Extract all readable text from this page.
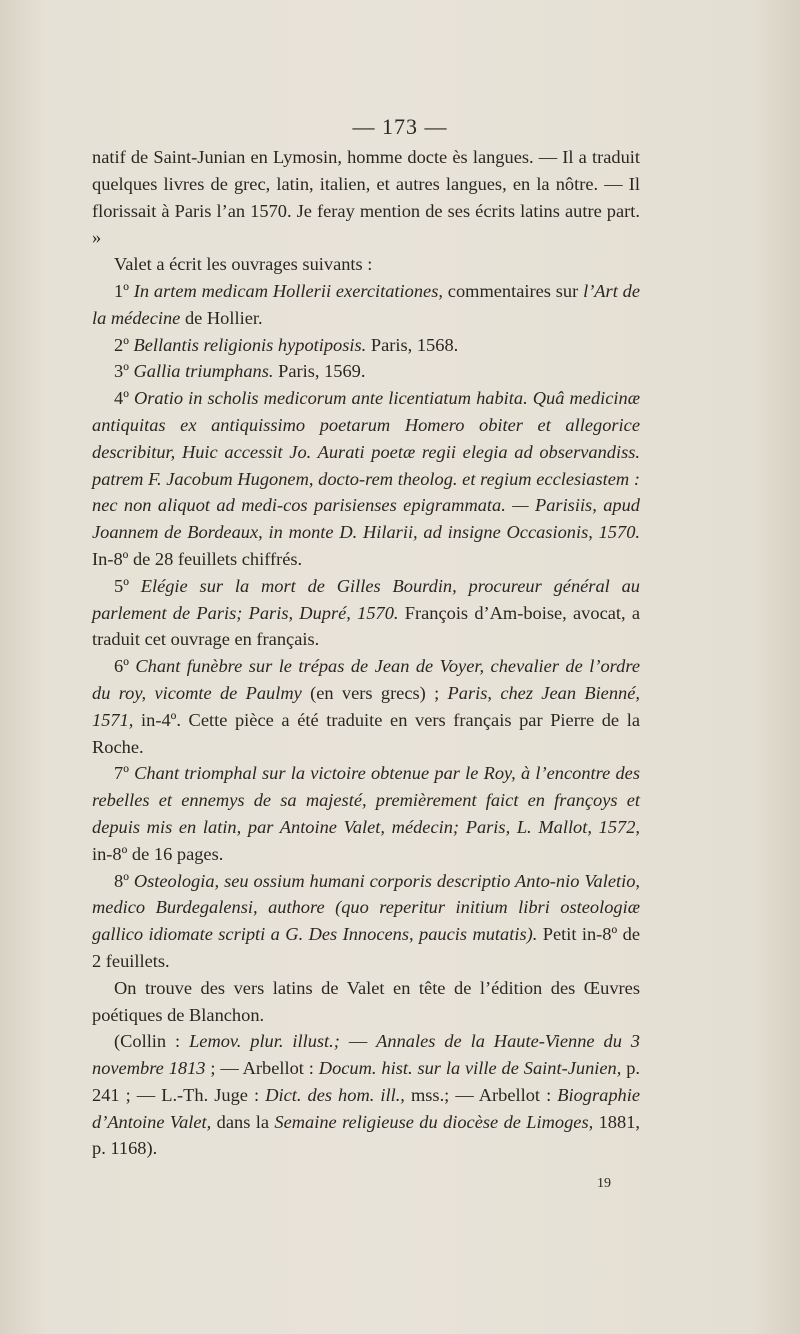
— 173 —

natif de Saint-Junian en Lymosin, homme docte ès langues. — Il a traduit quelques livres de grec, latin, italien, et autres langues, en la nôtre. — Il florissait à Paris l’an 1570. Je feray mention de ses écrits latins autre part. »

Valet a écrit les ouvrages suivants :

1º In artem medicam Hollerii exercitationes, commentaires sur l’Art de la médecine de Hollier.

2º Bellantis religionis hypotiposis. Paris, 1568.

3º Gallia triumphans. Paris, 1569.

4º Oratio in scholis medicorum ante licentiatum habita. Quâ medicinæ antiquitas ex antiquissimo poetarum Homero obiter et allegorice describitur, Huic accessit Jo. Aurati poetæ regii elegia ad observandiss. patrem F. Jacobum Hugonem, docto-rem theolog. et regium ecclesiastem : nec non aliquot ad medi-cos parisienses epigrammata. — Parisiis, apud Joannem de Bordeaux, in monte D. Hilarii, ad insigne Occasionis, 1570. In-8º de 28 feuillets chiffrés.

5º Elégie sur la mort de Gilles Bourdin, procureur général au parlement de Paris; Paris, Dupré, 1570. François d’Am-boise, avocat, a traduit cet ouvrage en français.

6º Chant funèbre sur le trépas de Jean de Voyer, chevalier de l’ordre du roy, vicomte de Paulmy (en vers grecs) ; Paris, chez Jean Bienné, 1571, in-4º. Cette pièce a été traduite en vers français par Pierre de la Roche.

7º Chant triomphal sur la victoire obtenue par le Roy, à l’encontre des rebelles et ennemys de sa majesté, premièrement faict en françoys et depuis mis en latin, par Antoine Valet, médecin; Paris, L. Mallot, 1572, in-8º de 16 pages.

8º Osteologia, seu ossium humani corporis descriptio Anto-nio Valetio, medico Burdegalensi, authore (quo reperitur initium libri osteologiæ gallico idiomate scripti a G. Des Innocens, paucis mutatis). Petit in-8º de 2 feuillets.

On trouve des vers latins de Valet en tête de l’édition des Œuvres poétiques de Blanchon.

(Collin : Lemov. plur. illust.; — Annales de la Haute-Vienne du 3 novembre 1813 ; — Arbellot : Docum. hist. sur la ville de Saint-Junien, p. 241 ; — L.-Th. Juge : Dict. des hom. ill., mss.; — Arbellot : Biographie d’Antoine Valet, dans la Semaine religieuse du diocèse de Limoges, 1881, p. 1168).

19
